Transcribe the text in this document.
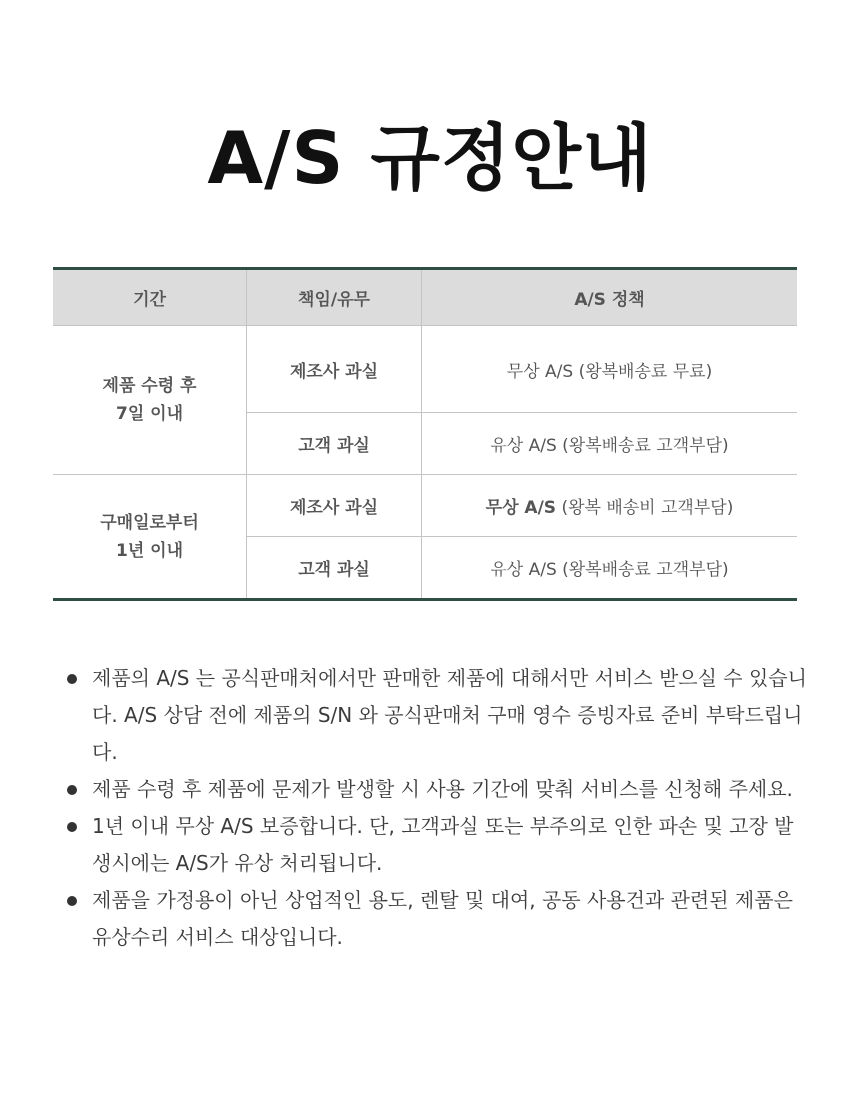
A/S 규정안내
기간	책임/유무	A/S 정책

제품 수령 후
7일 이내	제조사 과실	무상 A/S (왕복배송료 무료)
	고객 과실	유상 A/S (왕복배송료 고객부담)

구매일로부터
1년 이내	제조사 과실	무상 A/S (왕복 배송비 고객부담)
	고객 과실	유상 A/S (왕복배송료 고객부담)
제품의 A/S 는 공식판매처에서만 판매한 제품에 대해서만 서비스 받으실 수 있습니다. A/S 상담 전에 제품의 S/N 와 공식판매처 구매 영수 증빙자료 준비 부탁드립니다.
제품 수령 후 제품에 문제가 발생할 시 사용 기간에 맞춰 서비스를 신청해 주세요.
1년 이내 무상 A/S 보증합니다. 단, 고객과실 또는 부주의로 인한 파손 및 고장 발생시에는 A/S가 유상 처리됩니다.
제품을 가정용이 아닌 상업적인 용도, 렌탈 및 대여, 공동 사용건과 관련된 제품은 유상수리 서비스 대상입니다.
